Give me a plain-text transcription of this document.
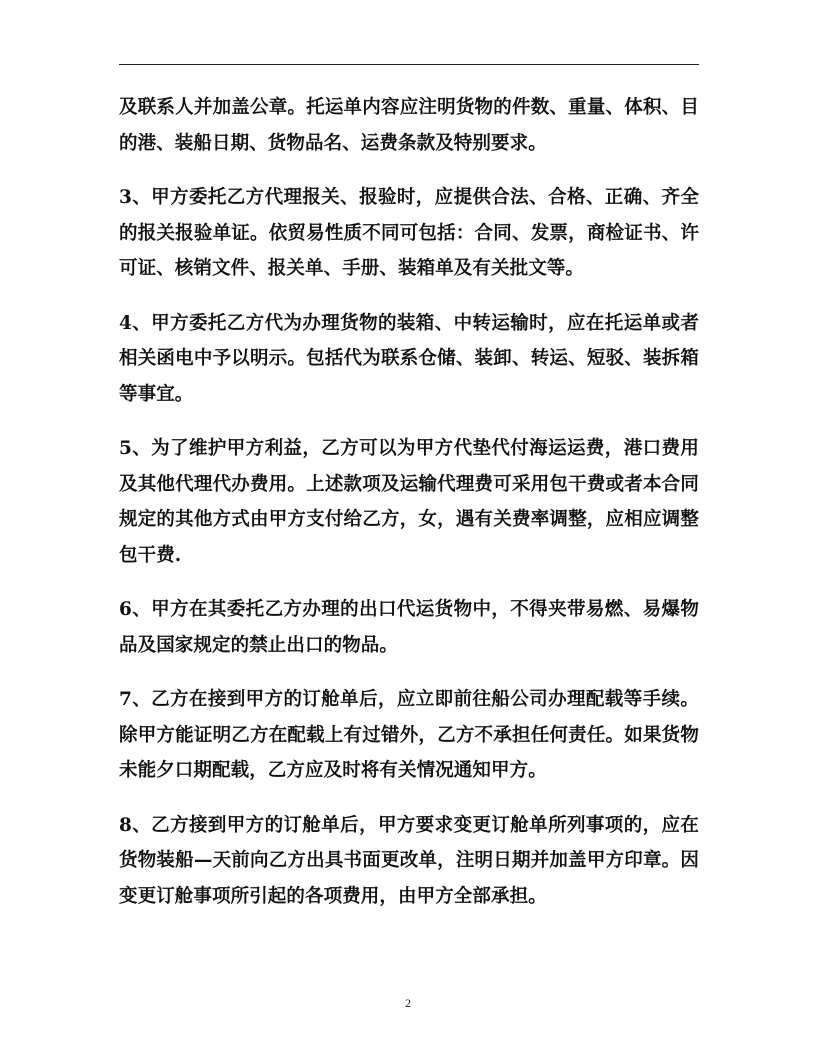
及联系人并加盖公章。托运单内容应注明货物的件数、重量、体积、目的港、装船日期、货物品名、运费条款及特别要求。

3、甲方委托乙方代理报关、报验时，应提供合法、合格、正确、齐全的报关报验单证。依贸易性质不同可包括：合同、发票，商检证书、许可证、核销文件、报关单、手册、装箱单及有关批文等。

4、甲方委托乙方代为办理货物的装箱、中转运输时，应在托运单或者相关函电中予以明示。包括代为联系仓储、装卸、转运、短驳、装拆箱等事宜。

5、为了维护甲方利益，乙方可以为甲方代垫代付海运运费，港口费用及其他代理代办费用。上述款项及运输代理费可采用包干费或者本合同规定的其他方式由甲方支付给乙方，女，遇有关费率调整，应相应调整包干费.

6、甲方在其委托乙方办理的出口代运货物中，不得夹带易燃、易爆物品及国家规定的禁止出口的物品。

7、乙方在接到甲方的订舱单后，应立即前往船公司办理配载等手续。除甲方能证明乙方在配载上有过错外，乙方不承担任何责任。如果货物未能夕口期配载，乙方应及时将有关情况通知甲方。

8、乙方接到甲方的订舱单后，甲方要求变更订舱单所列事项的，应在货物装船—天前向乙方出具书面更改单，注明日期并加盖甲方印章。因变更订舱事项所引起的各项费用，由甲方全部承担。

2
